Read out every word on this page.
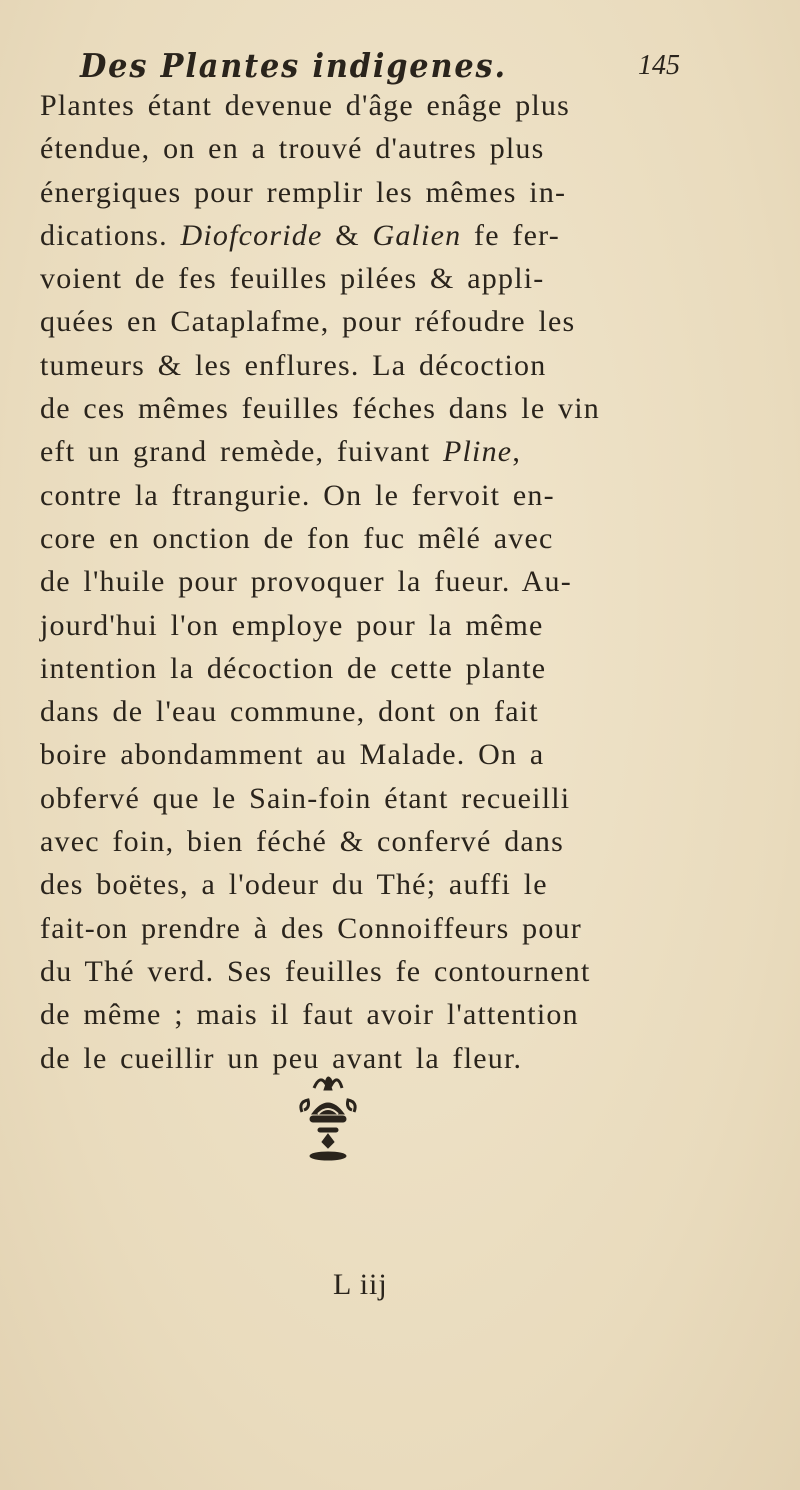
Des Plantes indigenes.	145
Plantes étant devenue d'âge enâge plus
étendue, on en a trouvé d'autres plus
énergiques pour remplir les mêmes in-
dications. Diofcoride & Galien fe fer-
voient de fes feuilles pilées & appli-
quées en Cataplafme, pour réfoudre les
tumeurs & les enflures. La décoction
de ces mêmes feuilles féches dans le vin
eft un grand remède, fuivant Pline,
contre la ftrangurie. On le fervoit en-
core en onction de fon fuc mêlé avec
de l'huile pour provoquer la fueur. Au-
jourd'hui l'on employe pour la même
intention la décoction de cette plante
dans de l'eau commune, dont on fait
boire abondamment au Malade. On a
obfervé que le Sain-foin étant recueilli
avec foin, bien féché & confervé dans
des boëtes, a l'odeur du Thé; auffi le
fait-on prendre à des Connoiffeurs pour
du Thé verd. Ses feuilles fe contournent
de même ; mais il faut avoir l'attention
de le cueillir un peu avant la fleur.
L iij
